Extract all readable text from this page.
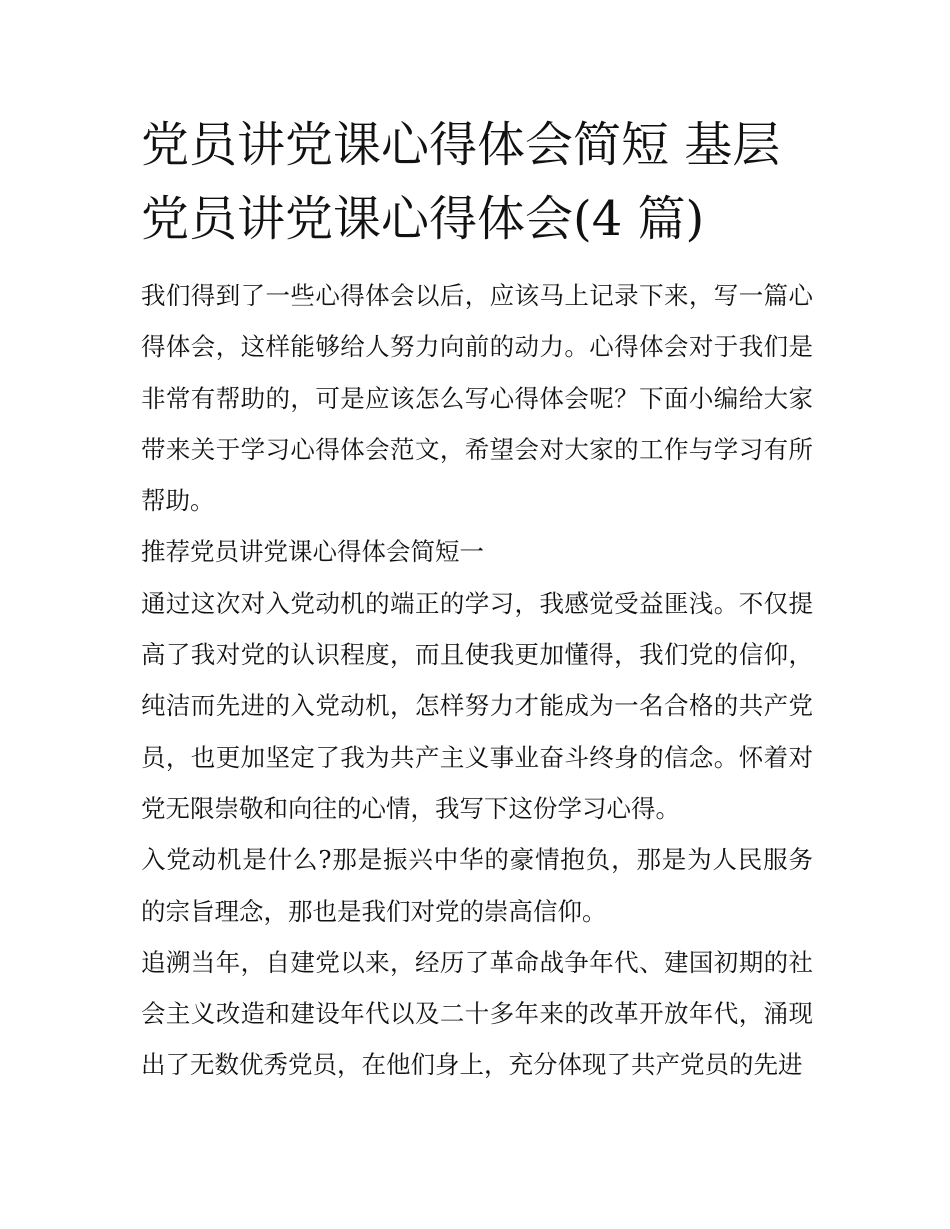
党员讲党课心得体会简短 基层党员讲党课心得体会(4 篇)

我们得到了一些心得体会以后，应该马上记录下来，写一篇心得体会，这样能够给人努力向前的动力。心得体会对于我们是非常有帮助的，可是应该怎么写心得体会呢？下面小编给大家带来关于学习心得体会范文，希望会对大家的工作与学习有所帮助。

推荐党员讲党课心得体会简短一

通过这次对入党动机的端正的学习，我感觉受益匪浅。不仅提高了我对党的认识程度，而且使我更加懂得，我们党的信仰，纯洁而先进的入党动机，怎样努力才能成为一名合格的共产党员，也更加坚定了我为共产主义事业奋斗终身的信念。怀着对党无限崇敬和向往的心情，我写下这份学习心得。

入党动机是什么?那是振兴中华的豪情抱负，那是为人民服务的宗旨理念，那也是我们对党的崇高信仰。

追溯当年，自建党以来，经历了革命战争年代、建国初期的社会主义改造和建设年代以及二十多年来的改革开放年代，涌现出了无数优秀党员，在他们身上，充分体现了共产党员的先进
